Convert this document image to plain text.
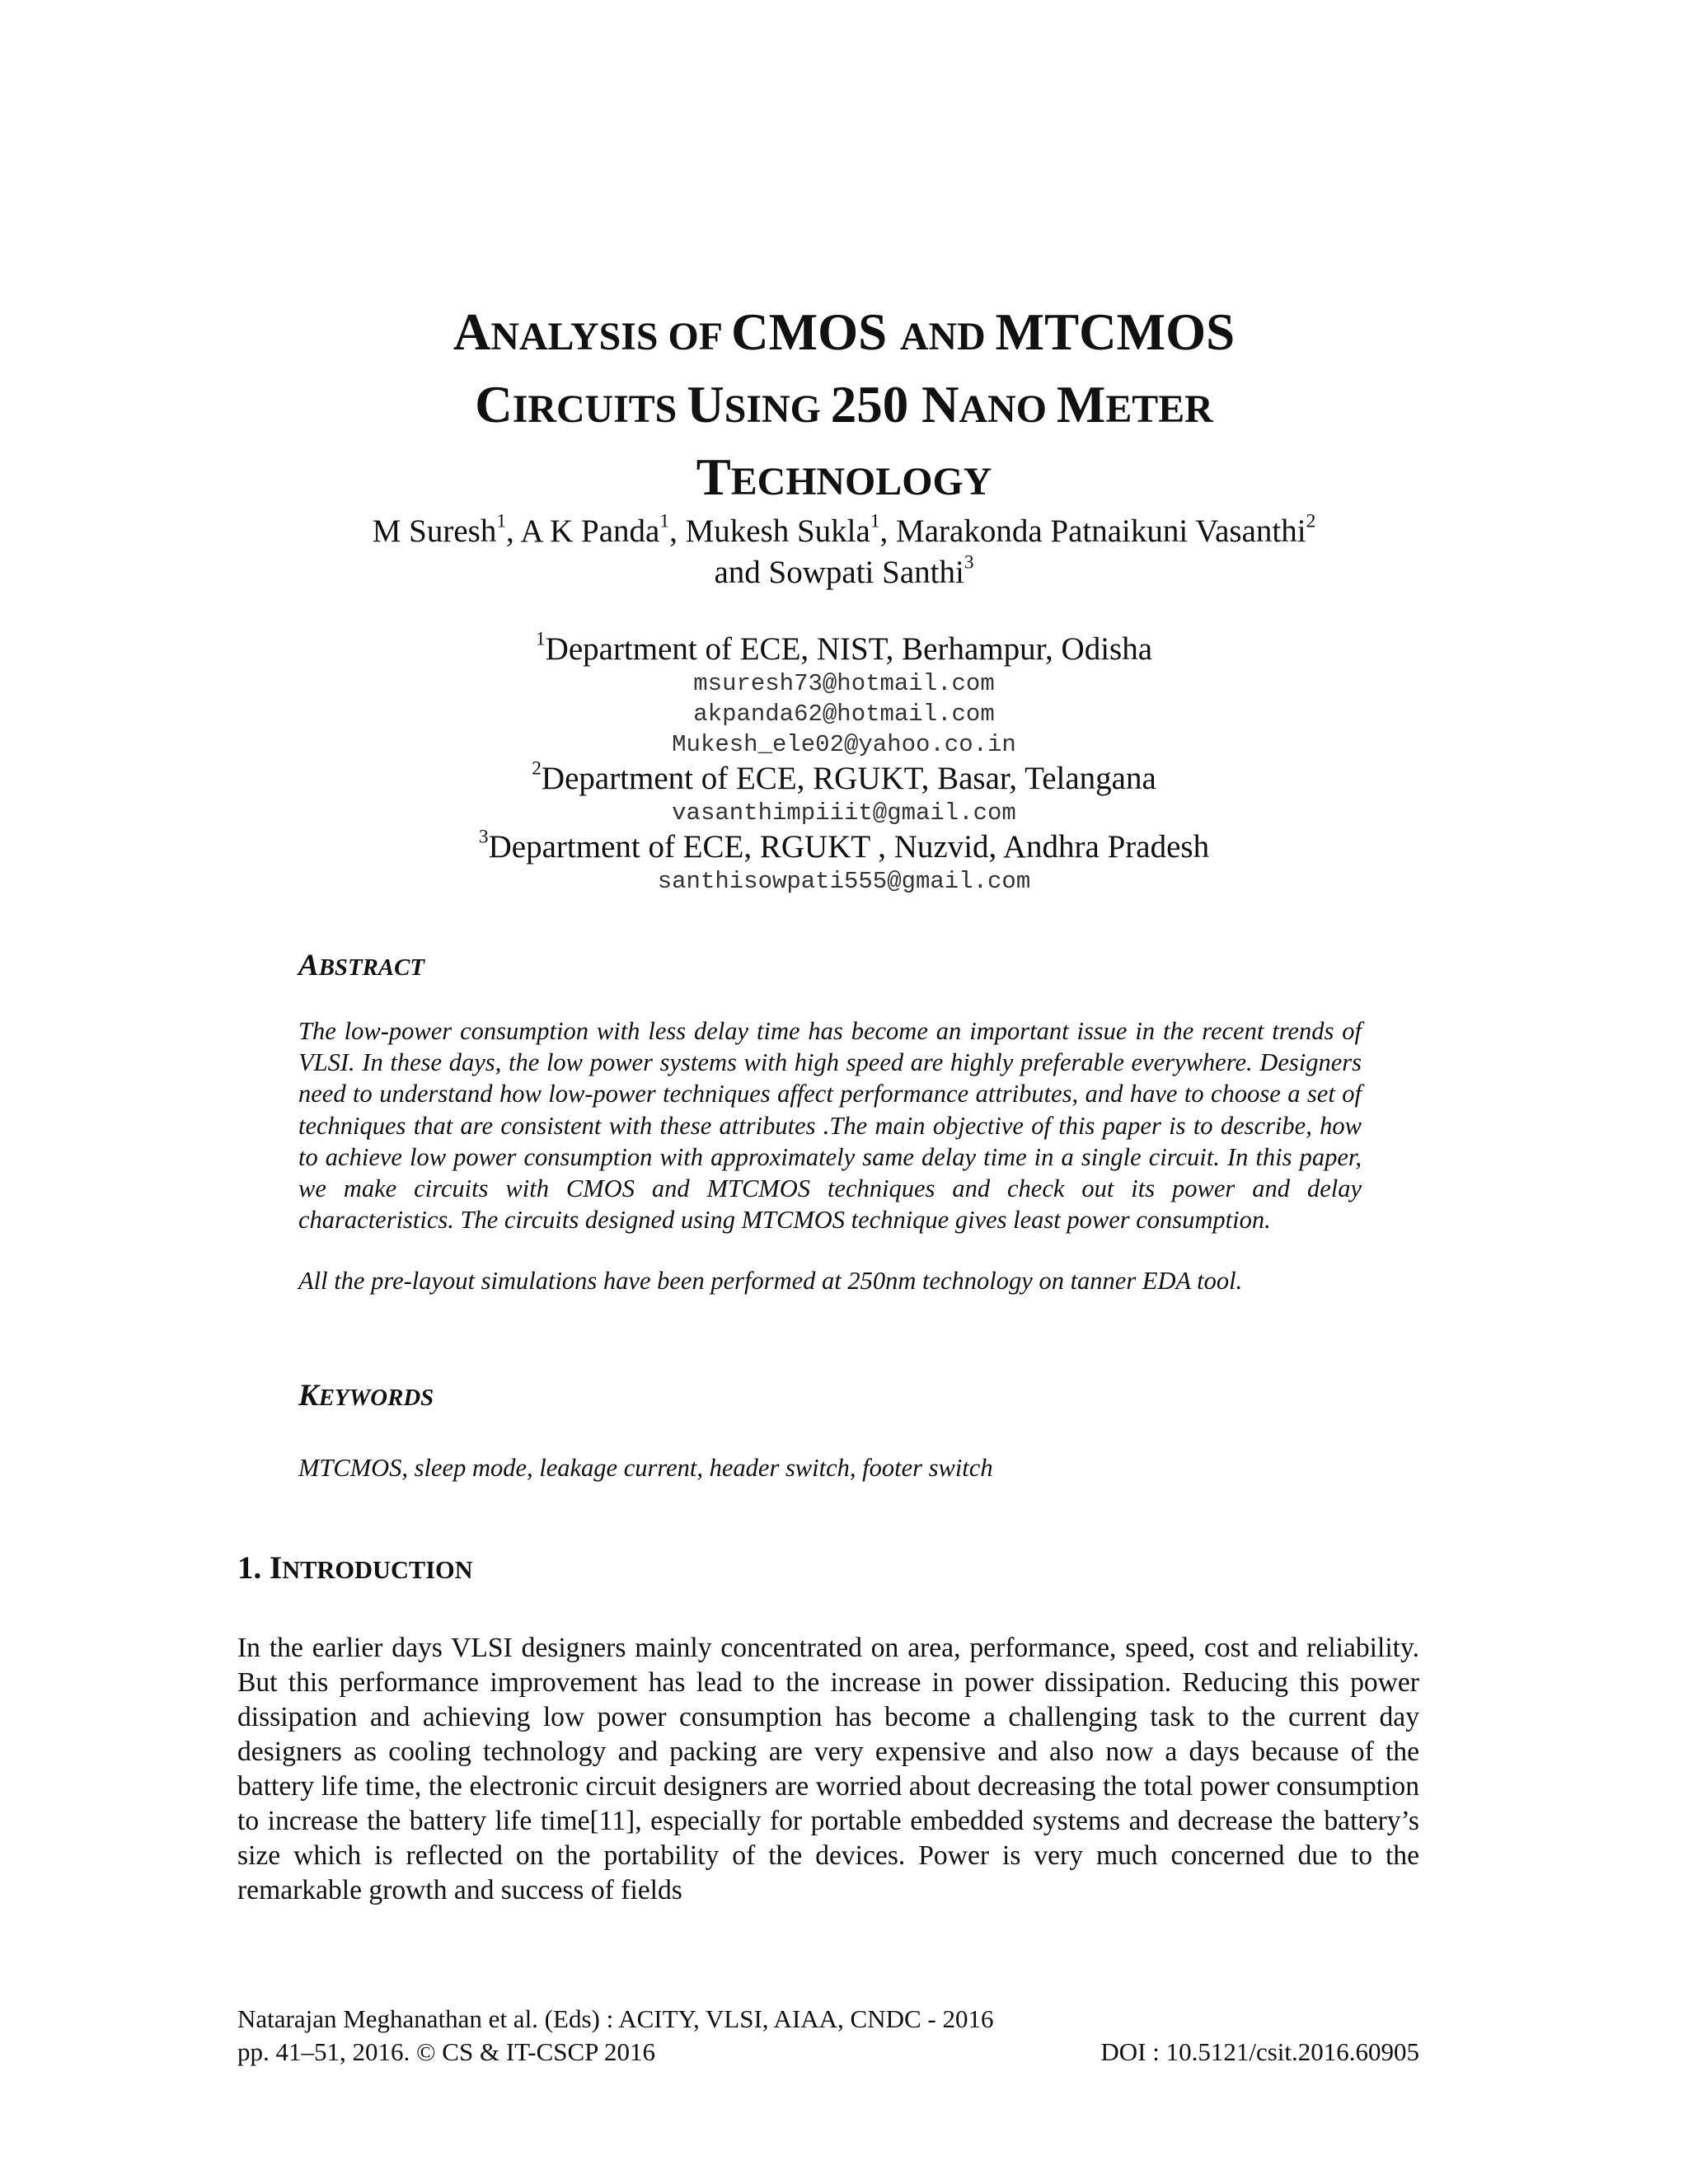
ANALYSIS OF CMOS AND MTCMOS
CIRCUITS USING 250 NANO METER
TECHNOLOGY
M Suresh$^1$, A K Panda$^1$, Mukesh Sukla$^1$, Marakonda Patnaikuni Vasanthi$^2$
and Sowpati Santhi$^3$
$^1$Department of ECE, NIST, Berhampur, Odisha
msuresh73@hotmail.com
akpanda62@hotmail.com
Mukesh_ele02@yahoo.co.in
$^2$Department of ECE, RGUKT, Basar, Telangana
vasanthimpiiit@gmail.com
$^3$Department of ECE, RGUKT , Nuzvid, Andhra Pradesh
santhisowpati555@gmail.com
ABSTRACT

The low-power consumption with less delay time has become an important issue in the recent trends of VLSI. In these days, the low power systems with high speed are highly preferable everywhere. Designers need to understand how low-power techniques affect performance attributes, and have to choose a set of techniques that are consistent with these attributes .The main objective of this paper is to describe, how to achieve low power consumption with approximately same delay time in a single circuit. In this paper, we make circuits with CMOS and MTCMOS techniques and check out its power and delay characteristics. The circuits designed using MTCMOS technique gives least power consumption.

All the pre-layout simulations have been performed at 250nm technology on tanner EDA tool.

KEYWORDS
MTCMOS, sleep mode, leakage current, header switch, footer switch
1. INTRODUCTION
In the earlier days VLSI designers mainly concentrated on area, performance, speed, cost and reliability. But this performance improvement has lead to the increase in power dissipation. Reducing this power dissipation and achieving low power consumption has become a challenging task to the current day designers as cooling technology and packing are very expensive and also now a days because of the battery life time, the electronic circuit designers are worried about decreasing the total power consumption to increase the battery life time[11], especially for portable embedded systems and decrease the battery’s size which is reflected on the portability of the devices. Power is very much concerned due to the remarkable growth and success of fields
Natarajan Meghanathan et al. (Eds) : ACITY, VLSI, AIAA, CNDC - 2016
pp. 41–51, 2016. © CS & IT-CSCP 2016	DOI : 10.5121/csit.2016.60905
